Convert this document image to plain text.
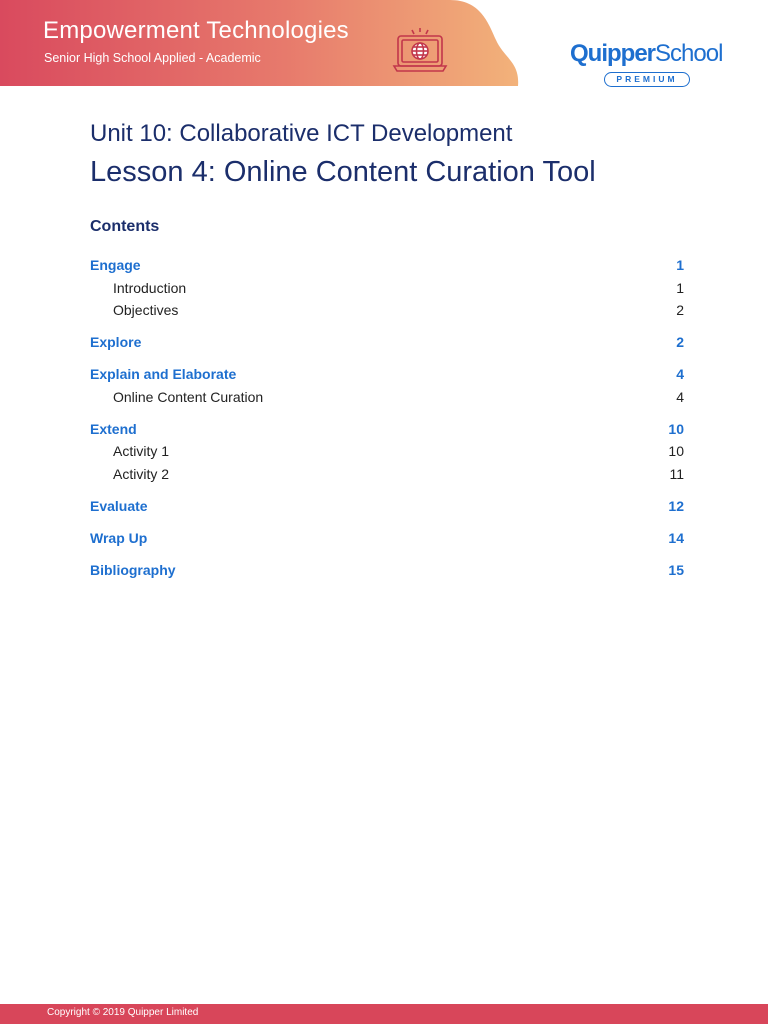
Empowerment Technologies
Senior High School Applied - Academic	QuipperSchool
PREMIUM
Unit 10: Collaborative ICT Development
Lesson 4: Online Content Curation Tool
Contents
Engage	1
Introduction	1
Objectives	2
Explore	2
Explain and Elaborate	4
Online Content Curation	4
Extend	10
Activity 1	10
Activity 2	11
Evaluate	12
Wrap Up	14
Bibliography	15
Copyright © 2019 Quipper Limited
